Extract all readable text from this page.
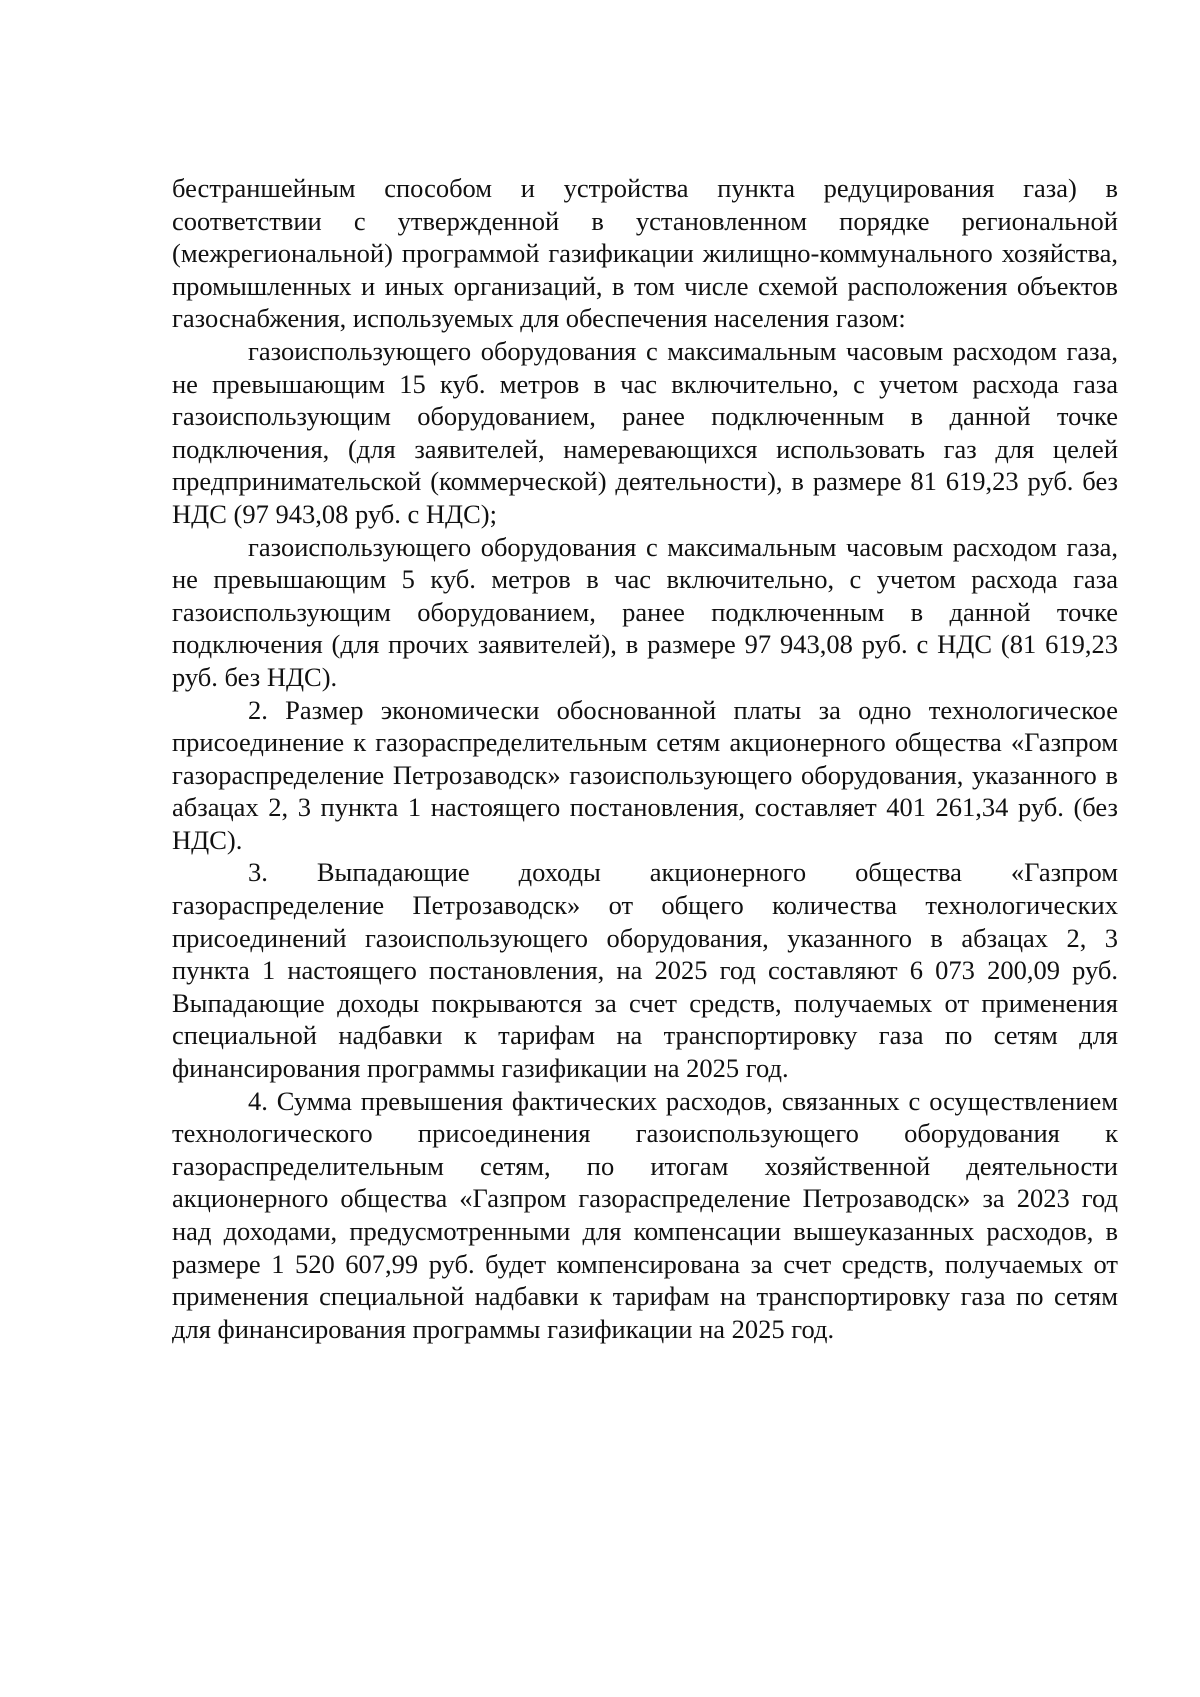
бестраншейным способом и устройства пункта редуцирования газа) в соответствии с утвержденной в установленном порядке региональной (межрегиональной) программой газификации жилищно-коммунального хозяйства, промышленных и иных организаций, в том числе схемой расположения объектов газоснабжения, используемых для обеспечения населения газом:

газоиспользующего оборудования с максимальным часовым расходом газа, не превышающим 15 куб. метров в час включительно, с учетом расхода газа газоиспользующим оборудованием, ранее подключенным в данной точке подключения, (для заявителей, намеревающихся использовать газ для целей предпринимательской (коммерческой) деятельности), в размере 81 619,23 руб. без НДС (97 943,08 руб. с НДС);

газоиспользующего оборудования с максимальным часовым расходом газа, не превышающим 5 куб. метров в час включительно, с учетом расхода газа газоиспользующим оборудованием, ранее подключенным в данной точке подключения (для прочих заявителей), в размере 97 943,08 руб. с НДС (81 619,23 руб. без НДС).

2. Размер экономически обоснованной платы за одно технологическое присоединение к газораспределительным сетям акционерного общества «Газпром газораспределение Петрозаводск» газоиспользующего оборудования, указанного в абзацах 2, 3 пункта 1 настоящего постановления, составляет 401 261,34 руб. (без НДС).

3. Выпадающие доходы акционерного общества «Газпром газораспределение Петрозаводск» от общего количества технологических присоединений газоиспользующего оборудования, указанного в абзацах 2, 3 пункта 1 настоящего постановления, на 2025 год составляют 6 073 200,09 руб. Выпадающие доходы покрываются за счет средств, получаемых от применения специальной надбавки к тарифам на транспортировку газа по сетям для финансирования программы газификации на 2025 год.

4. Сумма превышения фактических расходов, связанных с осуществлением технологического присоединения газоиспользующего оборудования к газораспределительным сетям, по итогам хозяйственной деятельности акционерного общества «Газпром газораспределение Петрозаводск» за 2023 год над доходами, предусмотренными для компенсации вышеуказанных расходов, в размере 1 520 607,99 руб. будет компенсирована за счет средств, получаемых от применения специальной надбавки к тарифам на транспортировку газа по сетям для финансирования программы газификации на 2025 год.
